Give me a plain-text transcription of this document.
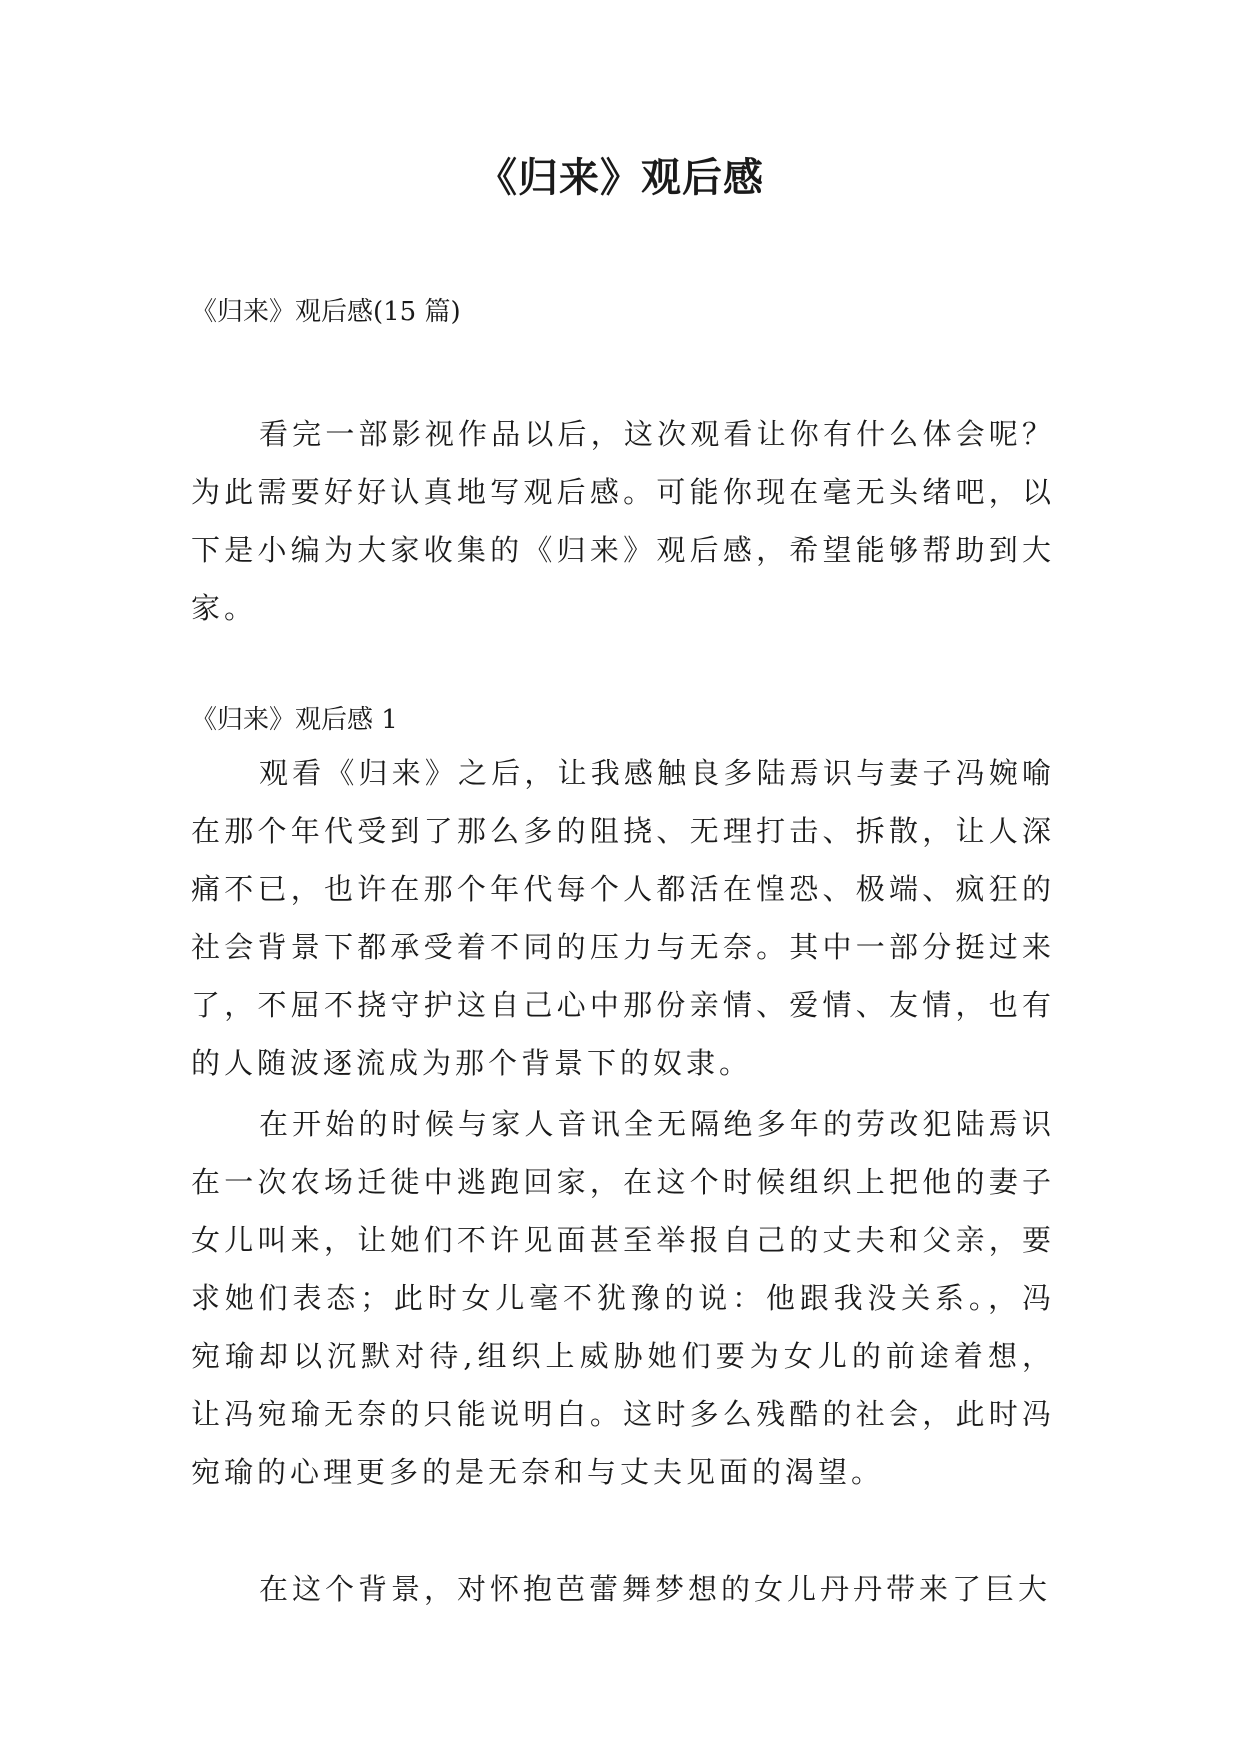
《归来》观后感
《归来》观后感(15 篇)

看完一部影视作品以后，这次观看让你有什么体会呢？为此需要好好认真地写观后感。可能你现在毫无头绪吧，以下是小编为大家收集的《归来》观后感，希望能够帮助到大家。

《归来》观后感 1

观看《归来》之后，让我感触良多陆焉识与妻子冯婉喻在那个年代受到了那么多的阻挠、无理打击、拆散，让人深痛不已，也许在那个年代每个人都活在惶恐、极端、疯狂的社会背景下都承受着不同的压力与无奈。其中一部分挺过来了，不屈不挠守护这自己心中那份亲情、爱情、友情，也有的人随波逐流成为那个背景下的奴隶。

在开始的时候与家人音讯全无隔绝多年的劳改犯陆焉识在一次农场迁徙中逃跑回家，在这个时候组织上把他的妻子女儿叫来，让她们不许见面甚至举报自己的丈夫和父亲，要求她们表态；此时女儿毫不犹豫的说：他跟我没关系。，冯宛瑜却以沉默对待,组织上威胁她们要为女儿的前途着想，让冯宛瑜无奈的只能说明白。这时多么残酷的社会，此时冯宛瑜的心理更多的是无奈和与丈夫见面的渴望。

在这个背景，对怀抱芭蕾舞梦想的女儿丹丹带来了巨大
